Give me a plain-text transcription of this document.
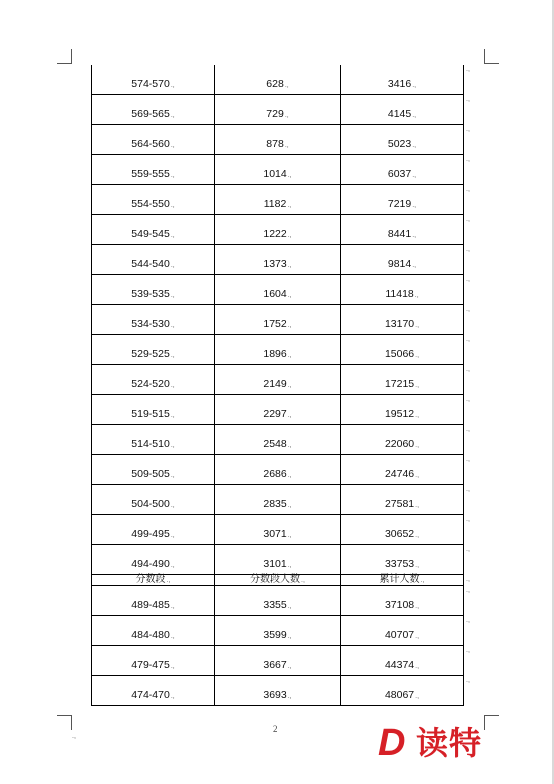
574-570.,	628.,	3416.,
569-565.,	729.,	4145.,
564-560.,	878.,	5023.,
559-555.,	1014.,	6037.,
554-550.,	1182.,	7219.,
549-545.,	1222.,	8441.,
544-540.,	1373.,	9814.,
539-535.,	1604.,	11418.,
534-530.,	1752.,	13170.,
529-525.,	1896.,	15066.,
524-520.,	2149.,	17215.,
519-515.,	2297.,	19512.,
514-510.,	2548.,	22060.,
509-505.,	2686.,	24746.,
504-500.,	2835.,	27581.,
499-495.,	3071.,	30652.,
494-490.,	3101.,	33753.,
分数段.,	分数段人数.,	累计人数.,
489-485.,	3355.,	37108.,
484-480.,	3599.,	40707.,
479-475.,	3667.,	44374.,
474-470.,	3693.,	48067.,
.,
.,
.,
.,
.,
.,
.,
.,
.,
.,
.,
.,
.,
.,
.,
.,
.,
.,
.,
.,
.,
.,
2
.,	D 读特
